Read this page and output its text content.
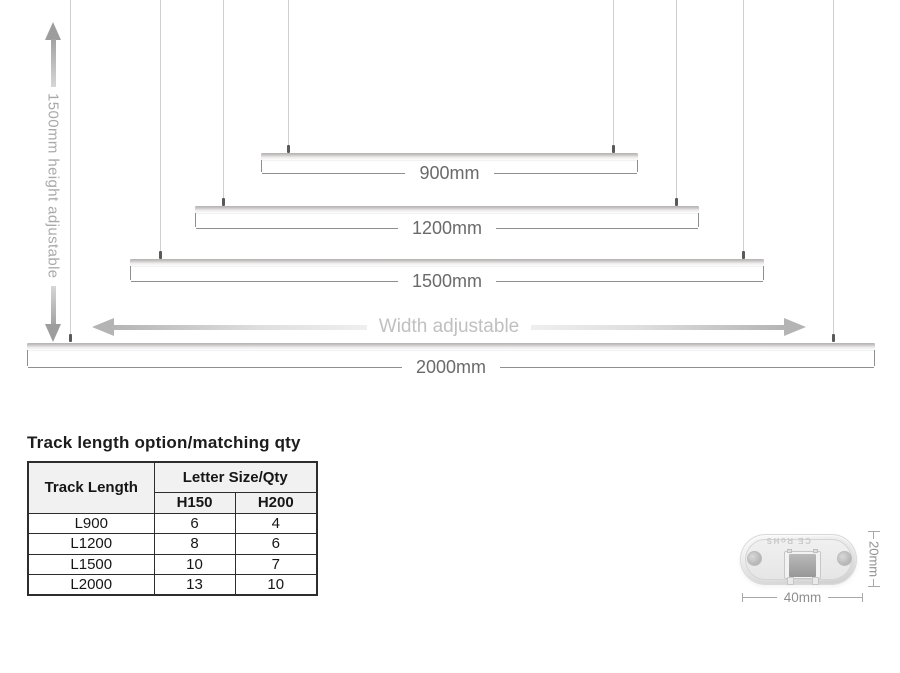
900mm
1200mm
1500mm
2000mm
1500mm height adjustable
Width adjustable
Track length option/matching qty
Track Length	Letter Size/Qty	
	H150	H200
L900	6	4
L1200	8	6
L1500	10	7
L2000	13	10
CE RoHS
20mm
40mm
